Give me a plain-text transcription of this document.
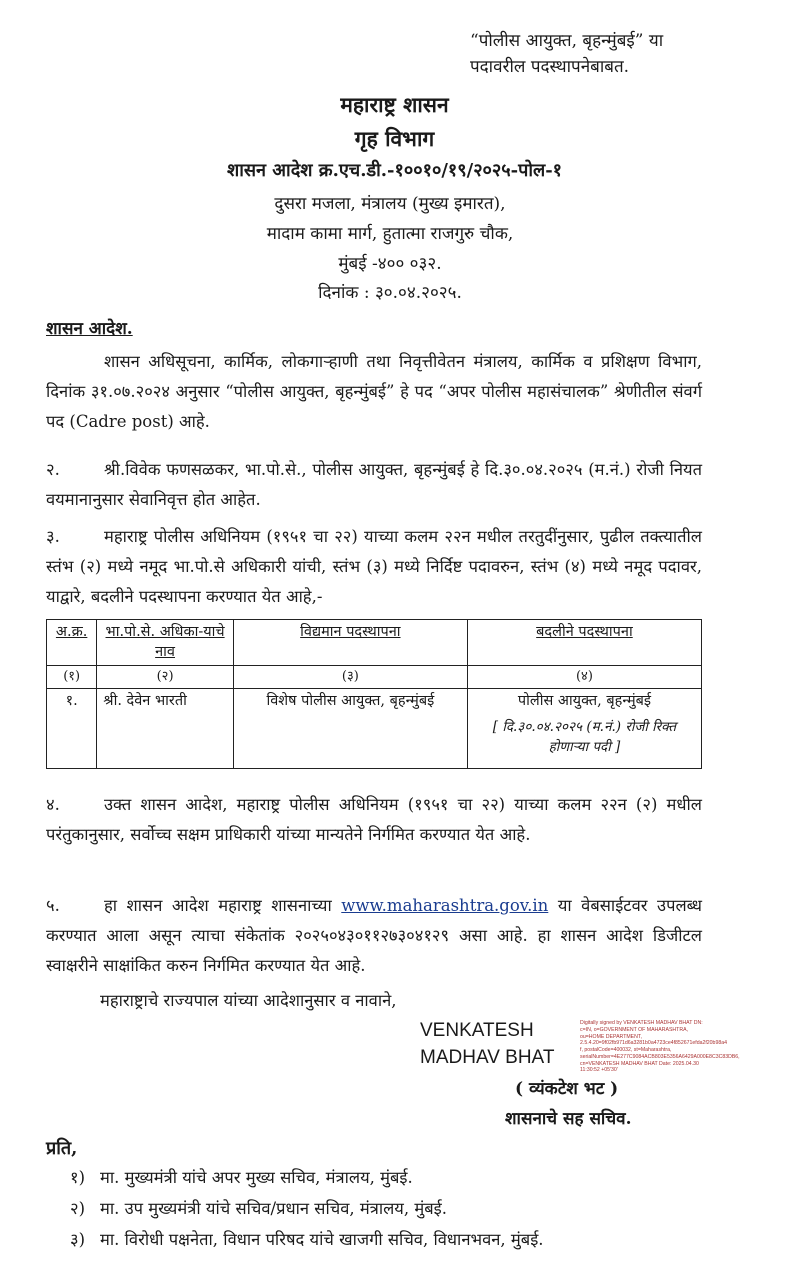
“पोलीस आयुक्त, बृहन्मुंबई” या
पदावरील पदस्थापनेबाबत.
महाराष्ट्र शासन
गृह विभाग
शासन आदेश क्र.एच.डी.-१००१०/१९/२०२५-पोल-१
दुसरा मजला, मंत्रालय (मुख्य इमारत),
मादाम कामा मार्ग, हुतात्मा राजगुरु चौक,
मुंबई -४०० ०३२.
दिनांक : ३०.०४.२०२५.
शासन आदेश.
शासन अधिसूचना, कार्मिक, लोकगाऱ्हाणी तथा निवृत्तीवेतन मंत्रालय, कार्मिक व प्रशिक्षण विभाग, दिनांक ३१.०७.२०२४ अनुसार “पोलीस आयुक्त, बृहन्मुंबई” हे पद “अपर पोलीस महासंचालक” श्रेणीतील संवर्ग पद (Cadre post) आहे.
२.	श्री.विवेक फणसळकर, भा.पो.से., पोलीस आयुक्त, बृहन्मुंबई हे दि.३०.०४.२०२५ (म.नं.) रोजी नियत वयमानानुसार सेवानिवृत्त होत आहेत.
३.	महाराष्ट्र पोलीस अधिनियम (१९५१ चा २२) याच्या कलम २२न मधील तरतुदींनुसार, पुढील तक्त्यातील स्तंभ (२) मध्ये नमूद भा.पो.से अधिकारी यांची, स्तंभ (३) मध्ये निर्दिष्ट पदावरुन, स्तंभ (४) मध्ये नमूद पदावर, याद्वारे, बदलीने पदस्थापना करण्यात येत आहे,-
अ.क्र.	भा.पो.से. अधिका-याचे नाव	विद्यमान पदस्थापना	बदलीने पदस्थापना
(१)	(२)	(३)	(४)
१.	श्री. देवेन भारती	विशेष पोलीस आयुक्त, बृहन्मुंबई	पोलीस आयुक्त, बृहन्मुंबई
[ दि.३०.०४.२०२५ (म.नं.) रोजी रिक्त होणाऱ्या पदी ]
४.	उक्त शासन आदेश, महाराष्ट्र पोलीस अधिनियम (१९५१ चा २२) याच्या कलम २२न (२) मधील परंतुकानुसार, सर्वोच्च सक्षम प्राधिकारी यांच्या मान्यतेने निर्गमित करण्यात येत आहे.
५.	हा शासन आदेश महाराष्ट्र शासनाच्या www.maharashtra.gov.in या वेबसाईटवर उपलब्ध करण्यात आला असून त्याचा संकेतांक २०२५०४३०११२७३०४१२९ असा आहे. हा शासन आदेश डिजीटल स्वाक्षरीने साक्षांकित करुन निर्गमित करण्यात येत आहे.
महाराष्ट्राचे राज्यपाल यांच्या आदेशानुसार व नावाने,
VENKATESH
MADHAV BHAT
Digitally signed by VENKATESH MADHAV BHAT DN: c=IN, o=GOVERNMENT OF MAHARASHTRA, ou=HOME DEPARTMENT, 2.5.4.20=9f02fb971d6a3281b0a4723ce4f852671efda2f20b98a4 f, postalCode=400032, st=Maharashtra, serialNumber=4E277C9084ACB803E5356A6429A000E8C3C83DB6, cn=VENKATESH MADHAV BHAT Date: 2025.04.30 11:30:52 +05'30'
( व्यंकटेश भट )
शासनाचे सह सचिव.
प्रति,
१) मा. मुख्यमंत्री यांचे अपर मुख्य सचिव, मंत्रालय, मुंबई.
२) मा. उप मुख्यमंत्री यांचे सचिव/प्रधान सचिव, मंत्रालय, मुंबई.
३) मा. विरोधी पक्षनेता, विधान परिषद यांचे खाजगी सचिव, विधानभवन, मुंबई.
